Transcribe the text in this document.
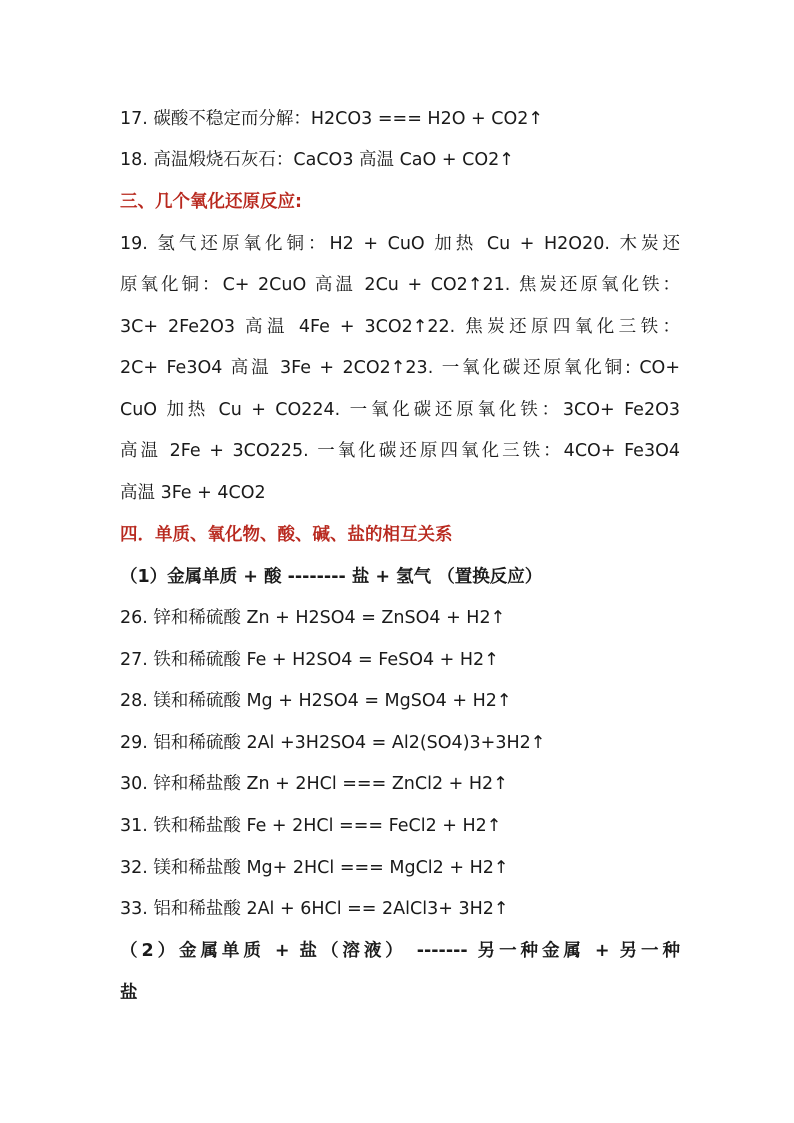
17. 碳酸不稳定而分解：H2CO3 === H2O + CO2↑
18. 高温煅烧石灰石：CaCO3 高温 CaO + CO2↑
三、几个氧化还原反应:
19. 氢气还原氧化铜：H2 + CuO 加热 Cu + H2O20. 木炭还
原氧化铜：C+ 2CuO 高温 2Cu + CO2↑21. 焦炭还原氧化铁：
3C+ 2Fe2O3 高温 4Fe + 3CO2↑22. 焦炭还原四氧化三铁：
2C+ Fe3O4 高温 3Fe + 2CO2↑23. 一氧化碳还原氧化铜: CO+
CuO 加热 Cu + CO224. 一氧化碳还原氧化铁：3CO+ Fe2O3
高温 2Fe + 3CO225. 一氧化碳还原四氧化三铁：4CO+ Fe3O4
高温 3Fe + 4CO2
四．单质、氧化物、酸、碱、盐的相互关系
（1）金属单质 + 酸 -------- 盐 + 氢气 （置换反应）
26. 锌和稀硫酸 Zn + H2SO4 = ZnSO4 + H2↑
27. 铁和稀硫酸 Fe + H2SO4 = FeSO4 + H2↑
28. 镁和稀硫酸 Mg + H2SO4 = MgSO4 + H2↑
29. 铝和稀硫酸 2Al +3H2SO4 = Al2(SO4)3+3H2↑
30. 锌和稀盐酸 Zn + 2HCl === ZnCl2 + H2↑
31. 铁和稀盐酸 Fe + 2HCl === FeCl2 + H2↑
32. 镁和稀盐酸 Mg+ 2HCl === MgCl2 + H2↑
33. 铝和稀盐酸 2Al + 6HCl == 2AlCl3+ 3H2↑
（2）金属单质 + 盐（溶液） ------- 另一种金属 + 另一种
盐
